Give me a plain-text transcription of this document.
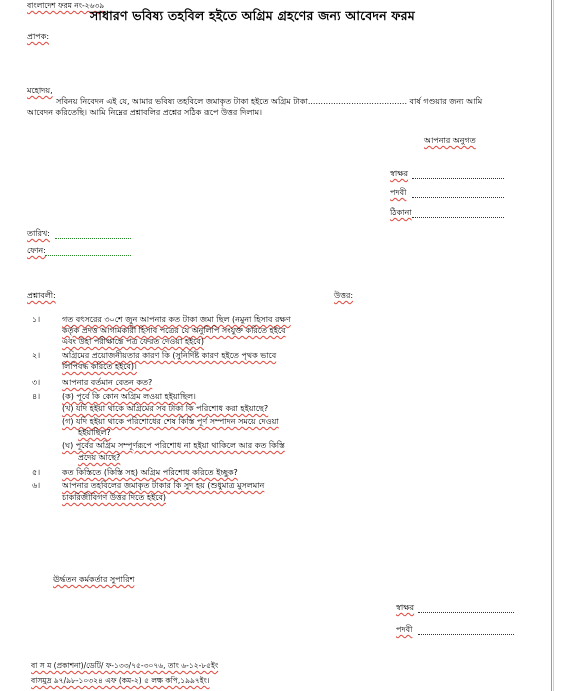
বাংলাদেশ ফরম নং-২৬৩৯
সাধারণ ভবিষ্য তহবিল হইতে অগ্রিম গ্রহণের জন্য আবেদন ফরম
প্রাপক:
মহোদয়,
সবিনয় নিবেদন এই যে, আমার ভবিষ্য তহবিলে জমাকৃত টাকা হইতে অগ্রিম টাকা....................................... বার্ষ গণ্ডয়ার জন্য আমি
আবেদন করিতেছি। আমি নিম্নের প্রশ্নাবলির প্রশ্নের সঠিক রূপে উত্তর দিলাম।
আপনার অনুগত
স্বাক্ষর
পদবী
ঠিকানা
তারিখ:
ফোন:
প্রশ্নাবলী:	উত্তর:
১।	গত বৎসরের ৩০শে জুন আপনার কত টাকা জমা ছিল (নমুনা হিসাব রক্ষণ
কর্তৃক প্রদত্ত আগামকারী হিসাব পত্রের যে অনুলিপি সংযুক্ত করিতে হইবে
এবং উহা পরীক্ষান্তে পত্র ফেরত দেওয়া হইবে)
২।	অগ্রিমের প্রয়োজনীয়তার কারণ কি (সুনির্দিষ্ট কারণ হইতে পৃথক ভাবে
লিপিবদ্ধ করিতে হইবে)।
৩।	আপনার বর্তমান বেতন কত?
৪।	(ক) পূর্বে কি কোন অগ্রিম লওয়া হইয়াছিল।
(খ) যদি হইয়া থাকে অগ্রিমের সব টাকা কি পরিশোধ করা হইয়াছে?
(গ) যদি হইয়া থাকে পরিশোধের শেষ কিস্তি পূর্ণ সম্পাদন সময়ে দেওয়া
হইয়াছিল?
(ঘ) পূর্বের অগ্রিম সম্পূর্ণরূপে পরিশোধ না হইয়া থাকিলে আর কত কিস্তি
প্রদেয় আছে?
৫।	কত কিস্তিতে (কিস্তি সহ) অগ্রিম পরিশোধ করিতে ইচ্ছুক?
৬।	আপনার তহবিলের জমাকৃত টাকার কি সুদ হয় (শুধুমাত্র মুসলমান
চাকরিজীবিগণ উত্তর দিতে হইবে)
ঊর্দ্ধতন কর্মকর্তার সুপারিশ
স্বাক্ষর
পদবী
বা স ম (প্রকাশনা)/ডেটি/ ফ-১৩৩/৭৫-৩০৭৬, তাং ৬-১২-৮৫ইং
বাসমুদ্র ৯৭/৯৮-১০৩২৪ এফ (কম-২) ৫ লক্ষ কপি,১৯৯৭ইং।
